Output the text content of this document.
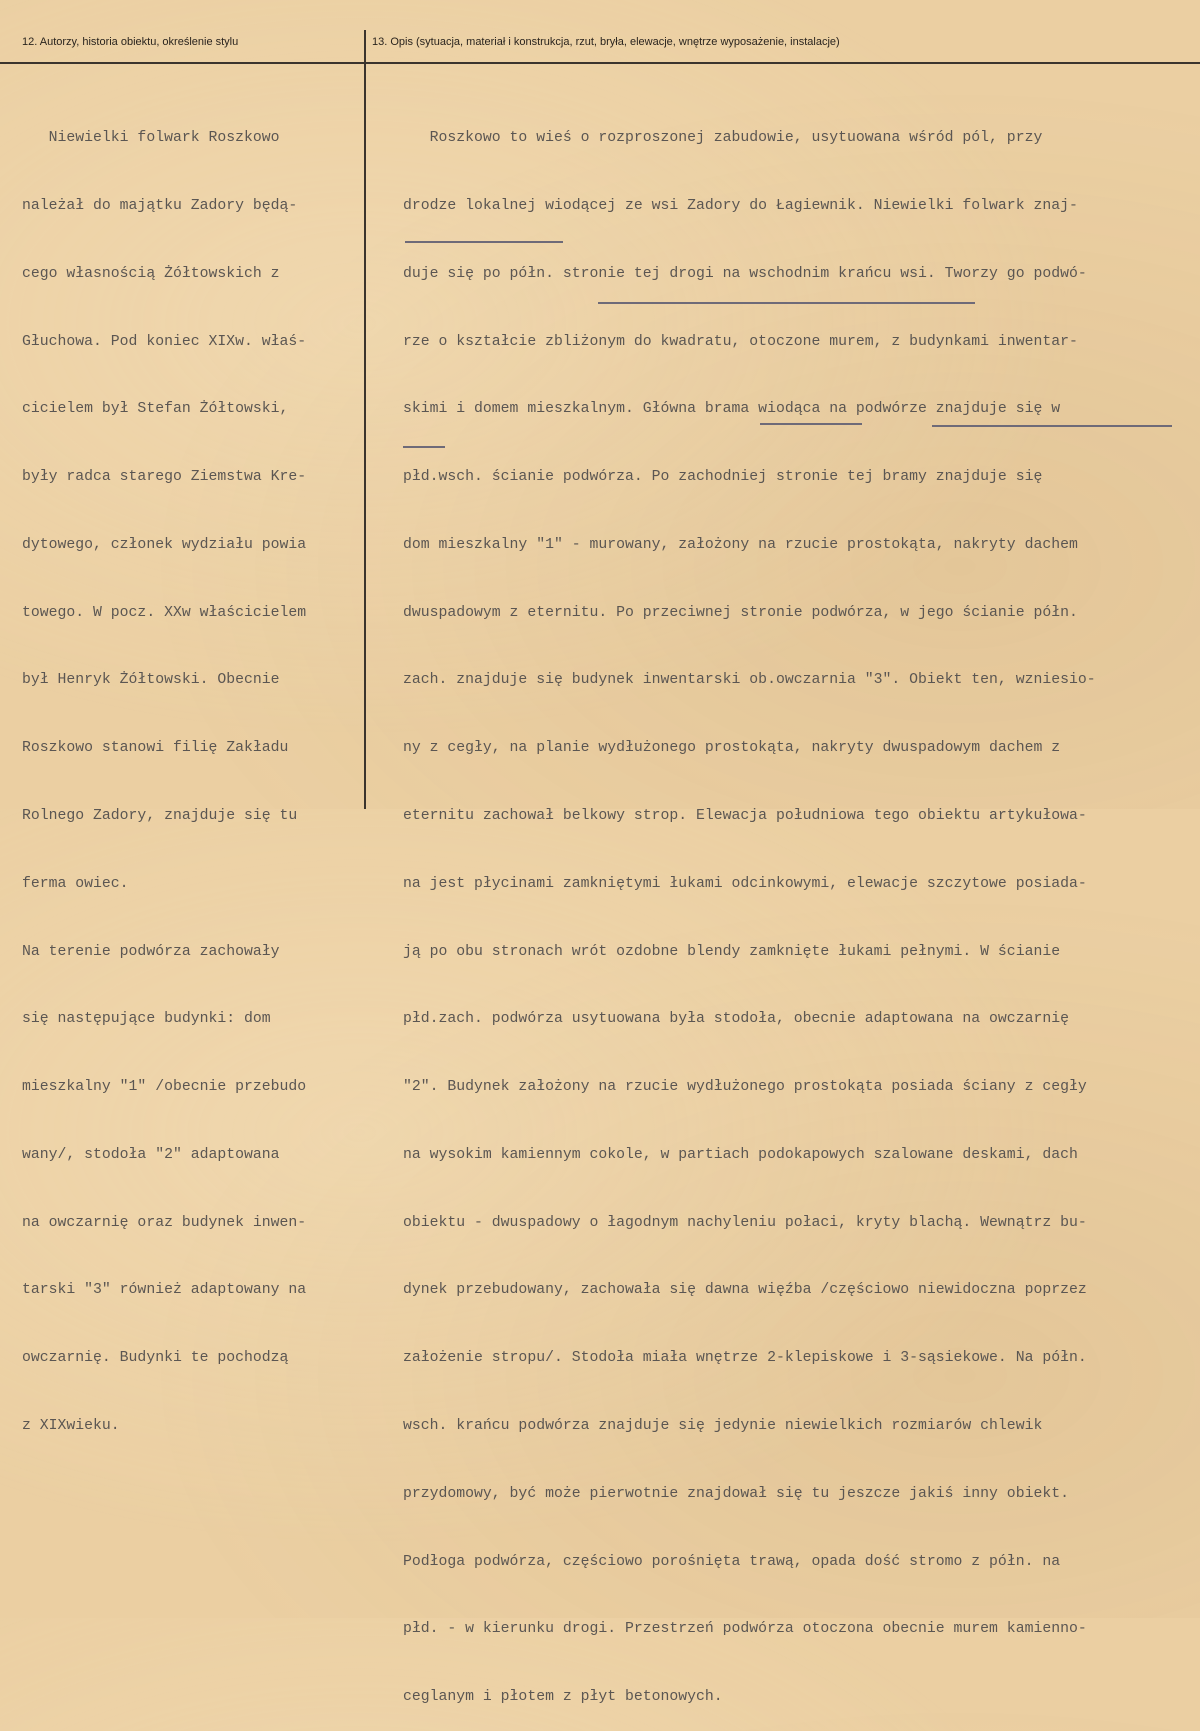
12. Autorzy, historia obiektu, określenie stylu	13. Opis (sytuacja, materiał i konstrukcja, rzut, bryła, elewacje, wnętrze wyposażenie, instalacje)

Niewielki folwark Roszkowo

należał do majątku Zadory będą-

cego własnością Żółtowskich z

Głuchowa. Pod koniec XIXw. właś-

cicielem był Stefan Żółtowski,

były radca starego Ziemstwa Kre-

dytowego, członek wydziału powia

towego. W pocz. XXw właścicielem

był Henryk Żółtowski. Obecnie

Roszkowo stanowi filię Zakładu

Rolnego Zadory, znajduje się tu

ferma owiec.

Na terenie podwórza zachowały

się następujące budynki: dom

mieszkalny "1" /obecnie przebudo

wany/, stodoła "2" adaptowana

na owczarnię oraz budynek inwen-

tarski "3" również adaptowany na

owczarnię. Budynki te pochodzą

z XIXwieku.

Roszkowo to wieś o rozproszonej zabudowie, usytuowana wśród pól, przy

drodze lokalnej wiodącej ze wsi Zadory do Łagiewnik. Niewielki folwark znaj-

duje się po półn. stronie tej drogi na wschodnim krańcu wsi. Tworzy go podwó-

rze o kształcie zbliżonym do kwadratu, otoczone murem, z budynkami inwentar-

skimi i domem mieszkalnym. Główna brama wiodąca na podwórze znajduje się w

płd.wsch. ścianie podwórza. Po zachodniej stronie tej bramy znajduje się

dom mieszkalny "1" - murowany, założony na rzucie prostokąta, nakryty dachem

dwuspadowym z eternitu. Po przeciwnej stronie podwórza, w jego ścianie półn.

zach. znajduje się budynek inwentarski ob.owczarnia "3". Obiekt ten, wzniesio-

ny z cegły, na planie wydłużonego prostokąta, nakryty dwuspadowym dachem z

eternitu zachował belkowy strop. Elewacja południowa tego obiektu artykułowa-

na jest płycinami zamkniętymi łukami odcinkowymi, elewacje szczytowe posiada-

ją po obu stronach wrót ozdobne blendy zamknięte łukami pełnymi. W ścianie

płd.zach. podwórza usytuowana była stodoła, obecnie adaptowana na owczarnię

"2". Budynek założony na rzucie wydłużonego prostokąta posiada ściany z cegły

na wysokim kamiennym cokole, w partiach podokapowych szalowane deskami, dach

obiektu - dwuspadowy o łagodnym nachyleniu połaci, kryty blachą. Wewnątrz bu-

dynek przebudowany, zachowała się dawna więźba /częściowo niewidoczna poprzez

założenie stropu/. Stodoła miała wnętrze 2-klepiskowe i 3-sąsiekowe. Na półn.

wsch. krańcu podwórza znajduje się jedynie niewielkich rozmiarów chlewik

przydomowy, być może pierwotnie znajdował się tu jeszcze jakiś inny obiekt.

Podłoga podwórza, częściowo porośnięta trawą, opada dość stromo z półn. na

płd. - w kierunku drogi. Przestrzeń podwórza otoczona obecnie murem kamienno-

ceglanym i płotem z płyt betonowych.
